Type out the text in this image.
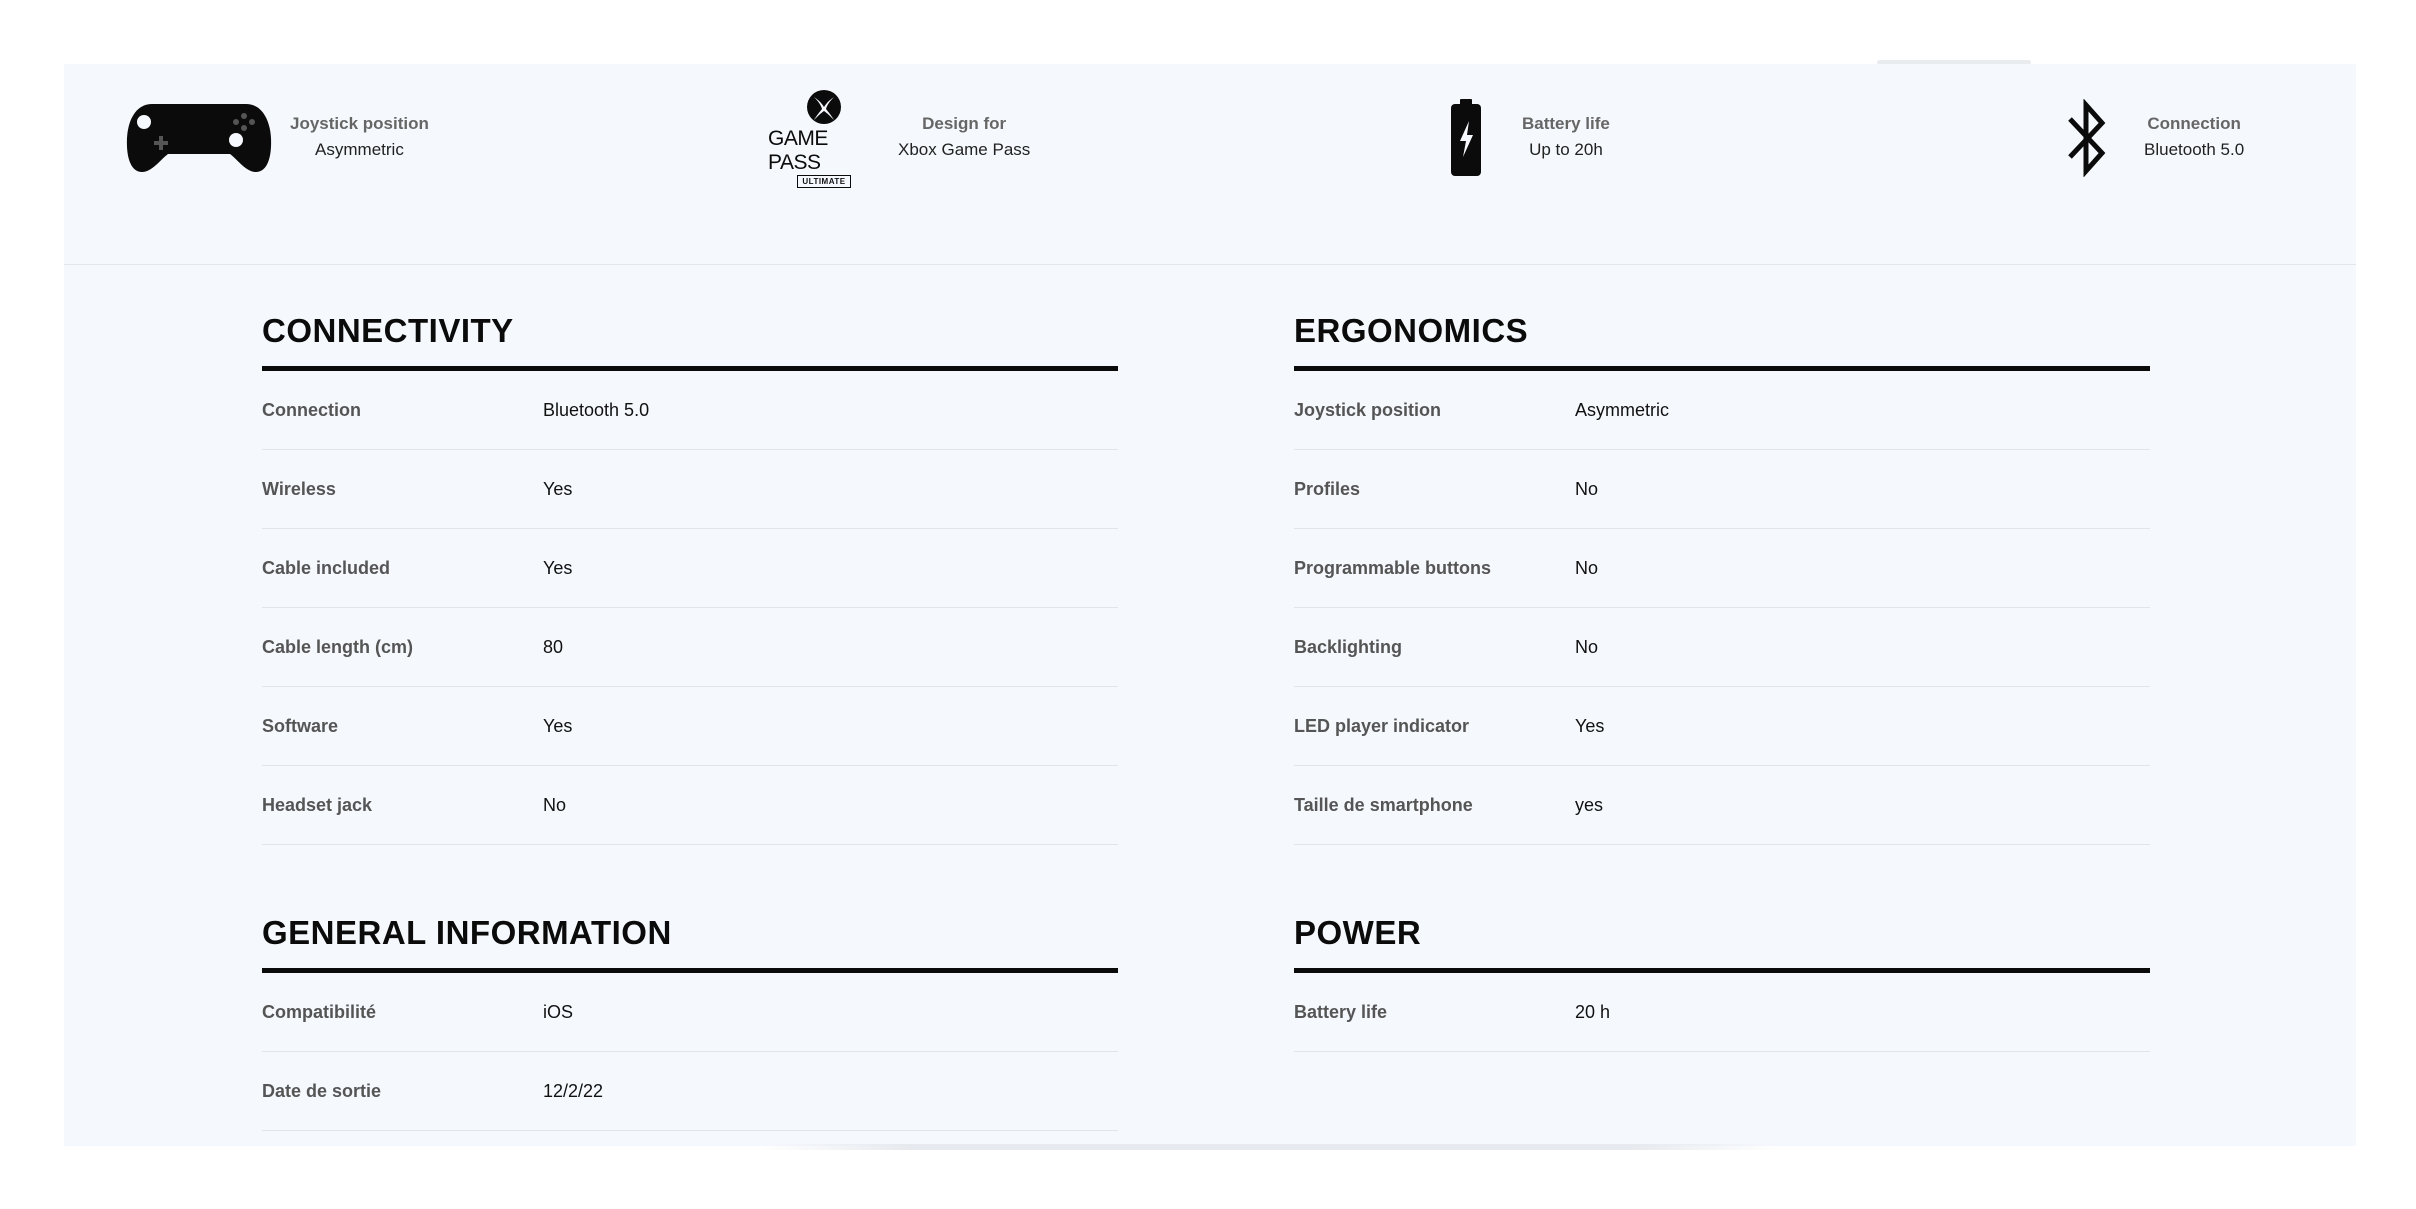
Joystick position
Asymmetric	GAME PASS
ULTIMATE
Design for
Xbox Game Pass
Battery life
Up to 20h
Connection
Bluetooth 5.0
CONNECTIVITY
Connection	Bluetooth 5.0
Wireless	Yes
Cable included	Yes
Cable length (cm)	80
Software	Yes
Headset jack	No
ERGONOMICS
Joystick position	Asymmetric
Profiles	No
Programmable buttons	No
Backlighting	No
LED player indicator	Yes
Taille de smartphone	yes
GENERAL INFORMATION
Compatibilité	iOS
Date de sortie	12/2/22
POWER
Battery life	20 h
